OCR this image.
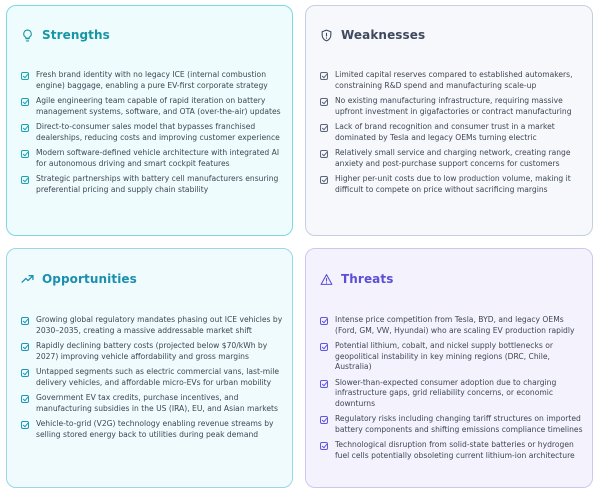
Strengths
Fresh brand identity with no legacy ICE (internal combustion engine) baggage, enabling a pure EV-first corporate strategy
Agile engineering team capable of rapid iteration on battery management systems, software, and OTA (over-the-air) updates
Direct-to-consumer sales model that bypasses franchised dealerships, reducing costs and improving customer experience
Modern software-defined vehicle architecture with integrated AI for autonomous driving and smart cockpit features
Strategic partnerships with battery cell manufacturers ensuring preferential pricing and supply chain stability
Weaknesses
Limited capital reserves compared to established automakers, constraining R&D spend and manufacturing scale-up
No existing manufacturing infrastructure, requiring massive upfront investment in gigafactories or contract manufacturing
Lack of brand recognition and consumer trust in a market dominated by Tesla and legacy OEMs turning electric
Relatively small service and charging network, creating range anxiety and post-purchase support concerns for customers
Higher per-unit costs due to low production volume, making it difficult to compete on price without sacrificing margins
Opportunities
Growing global regulatory mandates phasing out ICE vehicles by 2030–2035, creating a massive addressable market shift
Rapidly declining battery costs (projected below $70/kWh by 2027) improving vehicle affordability and gross margins
Untapped segments such as electric commercial vans, last-mile delivery vehicles, and affordable micro-EVs for urban mobility
Government EV tax credits, purchase incentives, and manufacturing subsidies in the US (IRA), EU, and Asian markets
Vehicle-to-grid (V2G) technology enabling revenue streams by selling stored energy back to utilities during peak demand
Threats
Intense price competition from Tesla, BYD, and legacy OEMs (Ford, GM, VW, Hyundai) who are scaling EV production rapidly
Potential lithium, cobalt, and nickel supply bottlenecks or geopolitical instability in key mining regions (DRC, Chile, Australia)
Slower-than-expected consumer adoption due to charging infrastructure gaps, grid reliability concerns, or economic downturns
Regulatory risks including changing tariff structures on imported battery components and shifting emissions compliance timelines
Technological disruption from solid-state batteries or hydrogen fuel cells potentially obsoleting current lithium-ion architecture
